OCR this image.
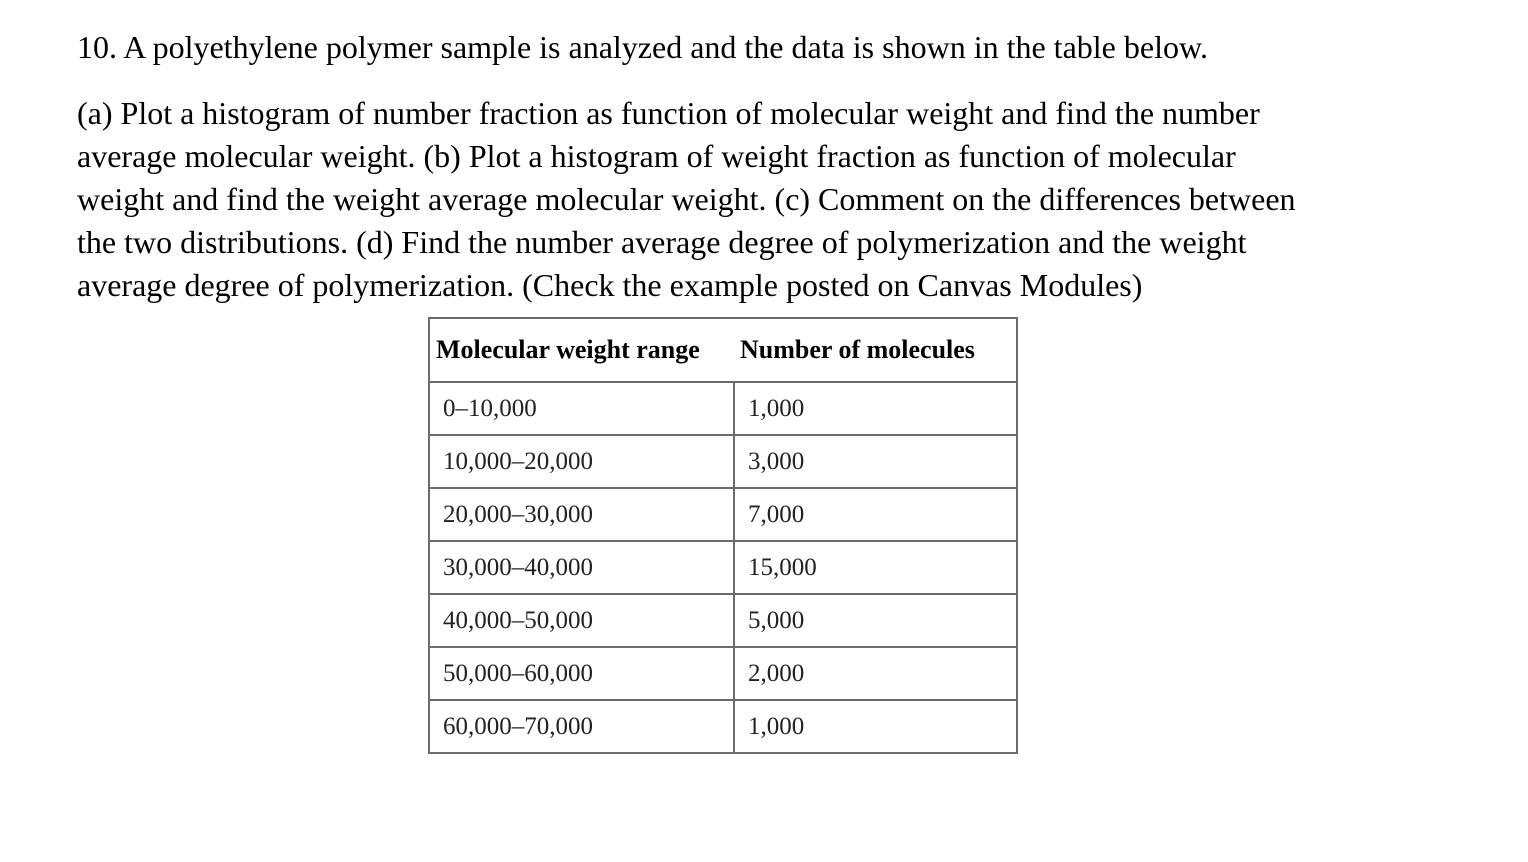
10. A polyethylene polymer sample is analyzed and the data is shown in the table below.
(a) Plot a histogram of number fraction as function of molecular weight and find the number
average molecular weight. (b) Plot a histogram of weight fraction as function of molecular
weight and find the weight average molecular weight. (c) Comment on the differences between
the two distributions. (d) Find the number average degree of polymerization and the weight
average degree of polymerization. (Check the example posted on Canvas Modules)
Molecular weight range	Number of molecules
0–10,000	1,000
10,000–20,000	3,000
20,000–30,000	7,000
30,000–40,000	15,000
40,000–50,000	5,000
50,000–60,000	2,000
60,000–70,000	1,000
